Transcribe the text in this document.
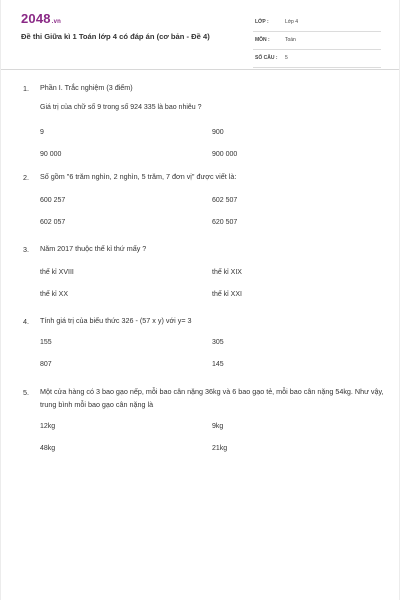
2048.vn
Đề thi Giữa kì 1 Toán lớp 4 có đáp án (cơ bản - Đề 4)
LỚP :	Lớp 4
MÔN :	Toán
SỐ CÂU : 5
1. Phần I. Trắc nghiệm (3 điểm)
Giá trị của chữ số 9 trong số 924 335 là bao nhiêu ?
9	900
90 000	900 000
2. Số gồm "6 trăm nghìn, 2 nghìn, 5 trăm, 7 đơn vị" được viết là:
600 257	602 507
602 057	620 507
3. Năm 2017 thuộc thế kỉ thứ mấy ?
thế kỉ XVIII	thế kỉ XIX
thế kỉ XX	thế kỉ XXI
4. Tính giá trị của biểu thức 326 - (57 x y) với y= 3
155	305
807	145
5. Một cửa hàng có 3 bao gạo nếp, mỗi bao cân nặng 36kg và 6 bao gạo tẻ, mỗi bao cân nặng 54kg. Như vậy, trung bình mỗi bao gạo cân nặng là
12kg	9kg
48kg	21kg
